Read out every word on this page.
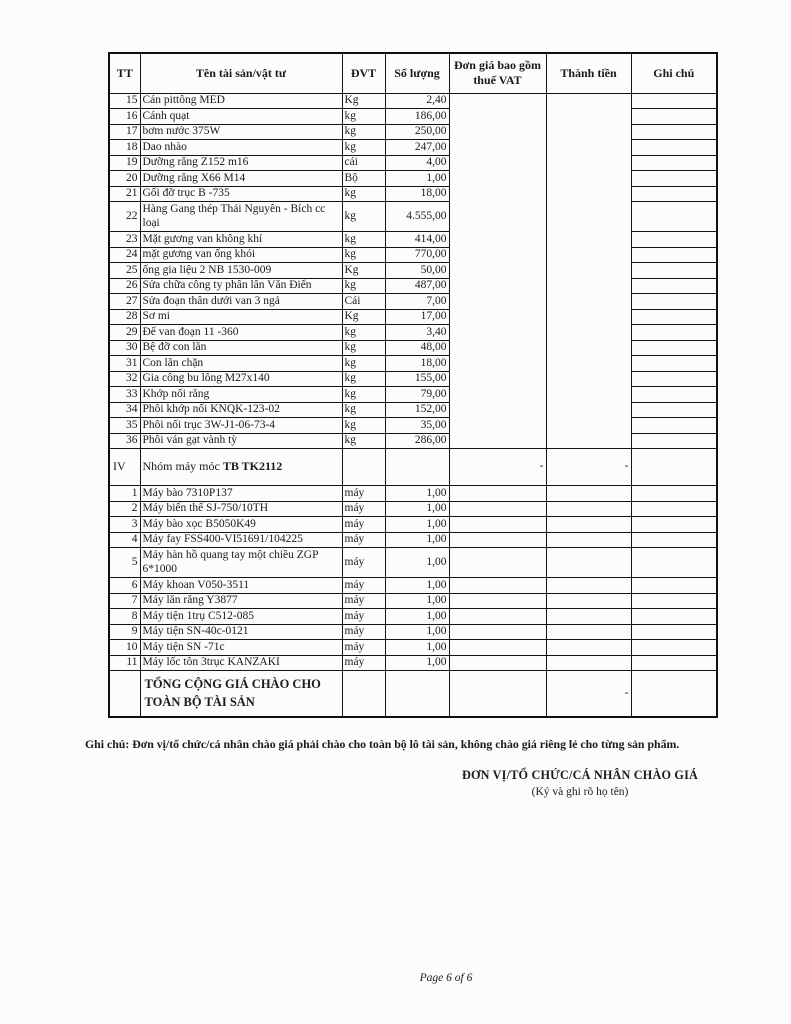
TT	Tên tài sản/vật tư	ĐVT	Số lượng	Đơn giá bao gồm thuế VAT	Thành tiền	Ghi chú
15	Cán pittông MED	Kg	2,40			
16	Cánh quạt	kg	186,00			
17	bơm nước 375W	kg	250,00			
18	Dao nhào	kg	247,00			
19	Dưỡng răng Z152 m16	cái	4,00			
20	Dưỡng răng X66 M14	Bộ	1,00			
21	Gối đỡ trục B -735	kg	18,00			
22	Hàng Gang thép Thái Nguyên - Bích cc loại	kg	4.555,00			
23	Mặt gương van không khí	kg	414,00			
24	mặt gương van ống khói	kg	770,00			
25	ống gia liệu 2 NB 1530-009	Kg	50,00			
26	Sửa chữa công ty phân lân Văn Điển	kg	487,00			
27	Sửa đoạn thân dưới van 3 ngả	Cái	7,00			
28	Sơ mi	Kg	17,00			
29	Đế van đoạn 11 -360	kg	3,40			
30	Bệ đỡ con lăn	kg	48,00			
31	Con lăn chặn	kg	18,00			
32	Gia công bu lông M27x140	kg	155,00			
33	Khớp nối răng	kg	79,00			
34	Phôi khớp nối KNQK-123-02	kg	152,00			
35	Phôi nối trục 3W-J1-06-73-4	kg	35,00			
36	Phôi ván gạt vành tỳ	kg	286,00			
IV	Nhóm máy móc TB TK2112			-	-	
1	Máy bào 7310P137	máy	1,00			
2	Máy biến thế SJ-750/10TH	máy	1,00			
3	Máy bào xọc B5050K49	máy	1,00			
4	Máy fay FSS400-VI51691/104225	máy	1,00			
5	Máy hàn hồ quang tay một chiều ZGP 6*1000	máy	1,00			
6	Máy khoan V050-3511	máy	1,00			
7	Máy lăn răng Y3877	máy	1,00			
8	Máy tiện 1trụ C512-085	máy	1,00			
9	Máy tiện SN-40c-0121	máy	1,00			
10	Máy tiện SN -71c	máy	1,00			
11	Máy lốc tôn 3trục KANZAKI	máy	1,00			
	TỔNG CỘNG GIÁ CHÀO CHO TOÀN BỘ TÀI SẢN				-	
Ghi chú: Đơn vị/tổ chức/cá nhân chào giá phải chào cho toàn bộ lô tài sản, không chào giá riêng lẻ cho từng sản phẩm.
ĐƠN VỊ/TỔ CHỨC/CÁ NHÂN CHÀO GIÁ
(Ký và ghi rõ họ tên)
Page 6 of 6
